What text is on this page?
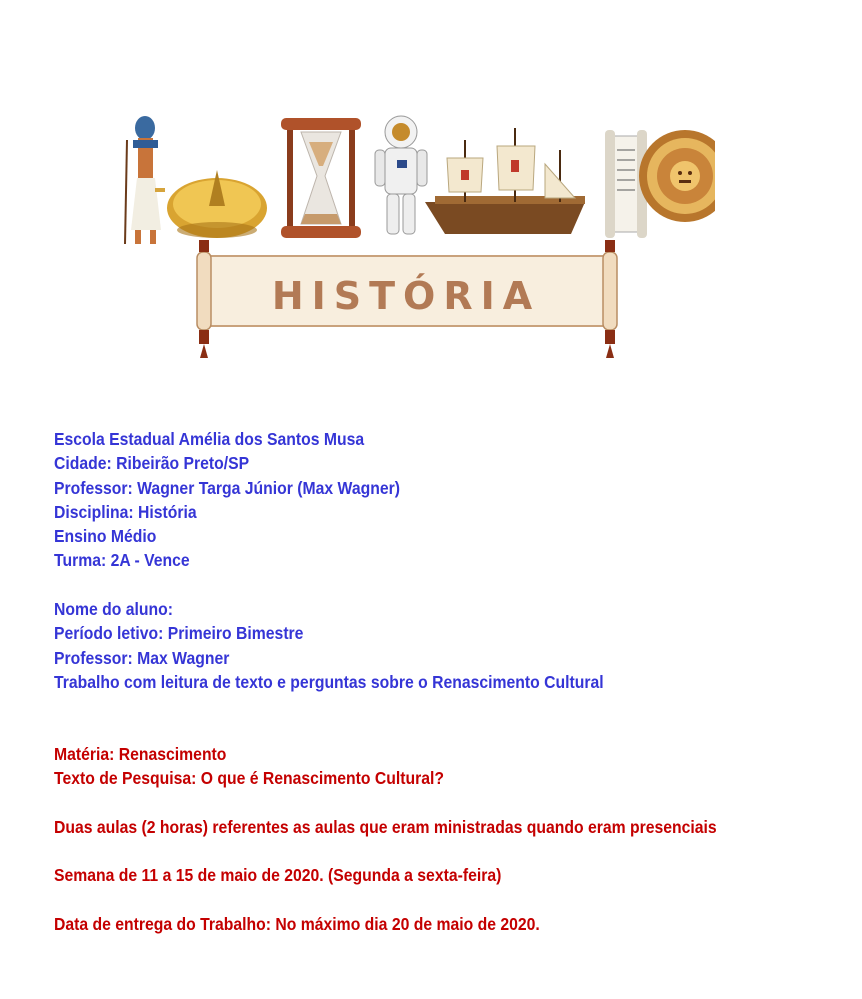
HISTÓRIA

Escola Estadual Amélia dos Santos Musa

Cidade: Ribeirão Preto/SP

Professor: Wagner Targa Júnior (Max Wagner)

Disciplina: História

Ensino Médio

Turma: 2A - Vence

Nome do aluno:

Período letivo: Primeiro Bimestre

Professor: Max Wagner

Trabalho com leitura de texto e perguntas sobre o Renascimento Cultural

Matéria: Renascimento

Texto de Pesquisa: O que é Renascimento Cultural?

Duas aulas (2 horas) referentes as aulas que eram ministradas quando eram presenciais

Semana de 11 a 15 de maio de 2020. (Segunda a sexta-feira)

Data de entrega do Trabalho: No máximo dia 20 de maio de 2020.
